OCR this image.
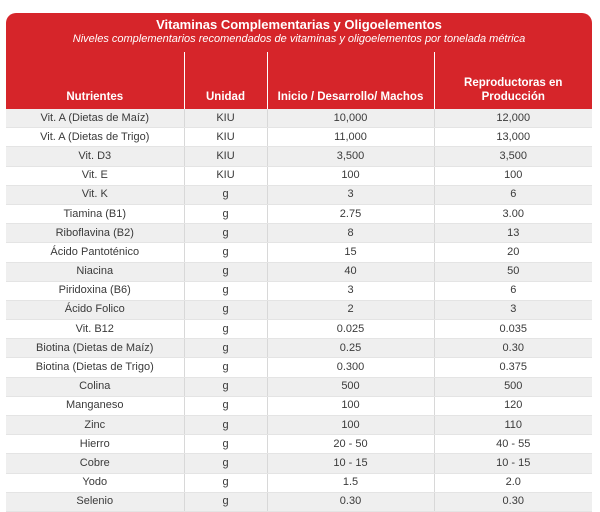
Vitaminas Complementarias y Oligoelementos
Niveles complementarios recomendados de vitaminas y oligoelementos por tonelada métrica
Nutrientes	Unidad	Inicio / Desarrollo/ Machos	Reproductoras en Producción
Vit. A (Dietas de Maíz)	KIU	10,000	12,000
Vit. A (Dietas de Trigo)	KIU	11,000	13,000
Vit. D3	KIU	3,500	3,500
Vit. E	KIU	100	100
Vit. K	g	3	6
Tiamina (B1)	g	2.75	3.00
Riboflavina (B2)	g	8	13
Ácido Pantoténico	g	15	20
Niacina	g	40	50
Piridoxina (B6)	g	3	6
Ácido Folico	g	2	3
Vit. B12	g	0.025	0.035
Biotina (Dietas de Maíz)	g	0.25	0.30
Biotina (Dietas de Trigo)	g	0.300	0.375
Colina	g	500	500
Manganeso	g	100	120
Zinc	g	100	110
Hierro	g	20 - 50	40 - 55
Cobre	g	10 - 15	10 - 15
Yodo	g	1.5	2.0
Selenio	g	0.30	0.30
